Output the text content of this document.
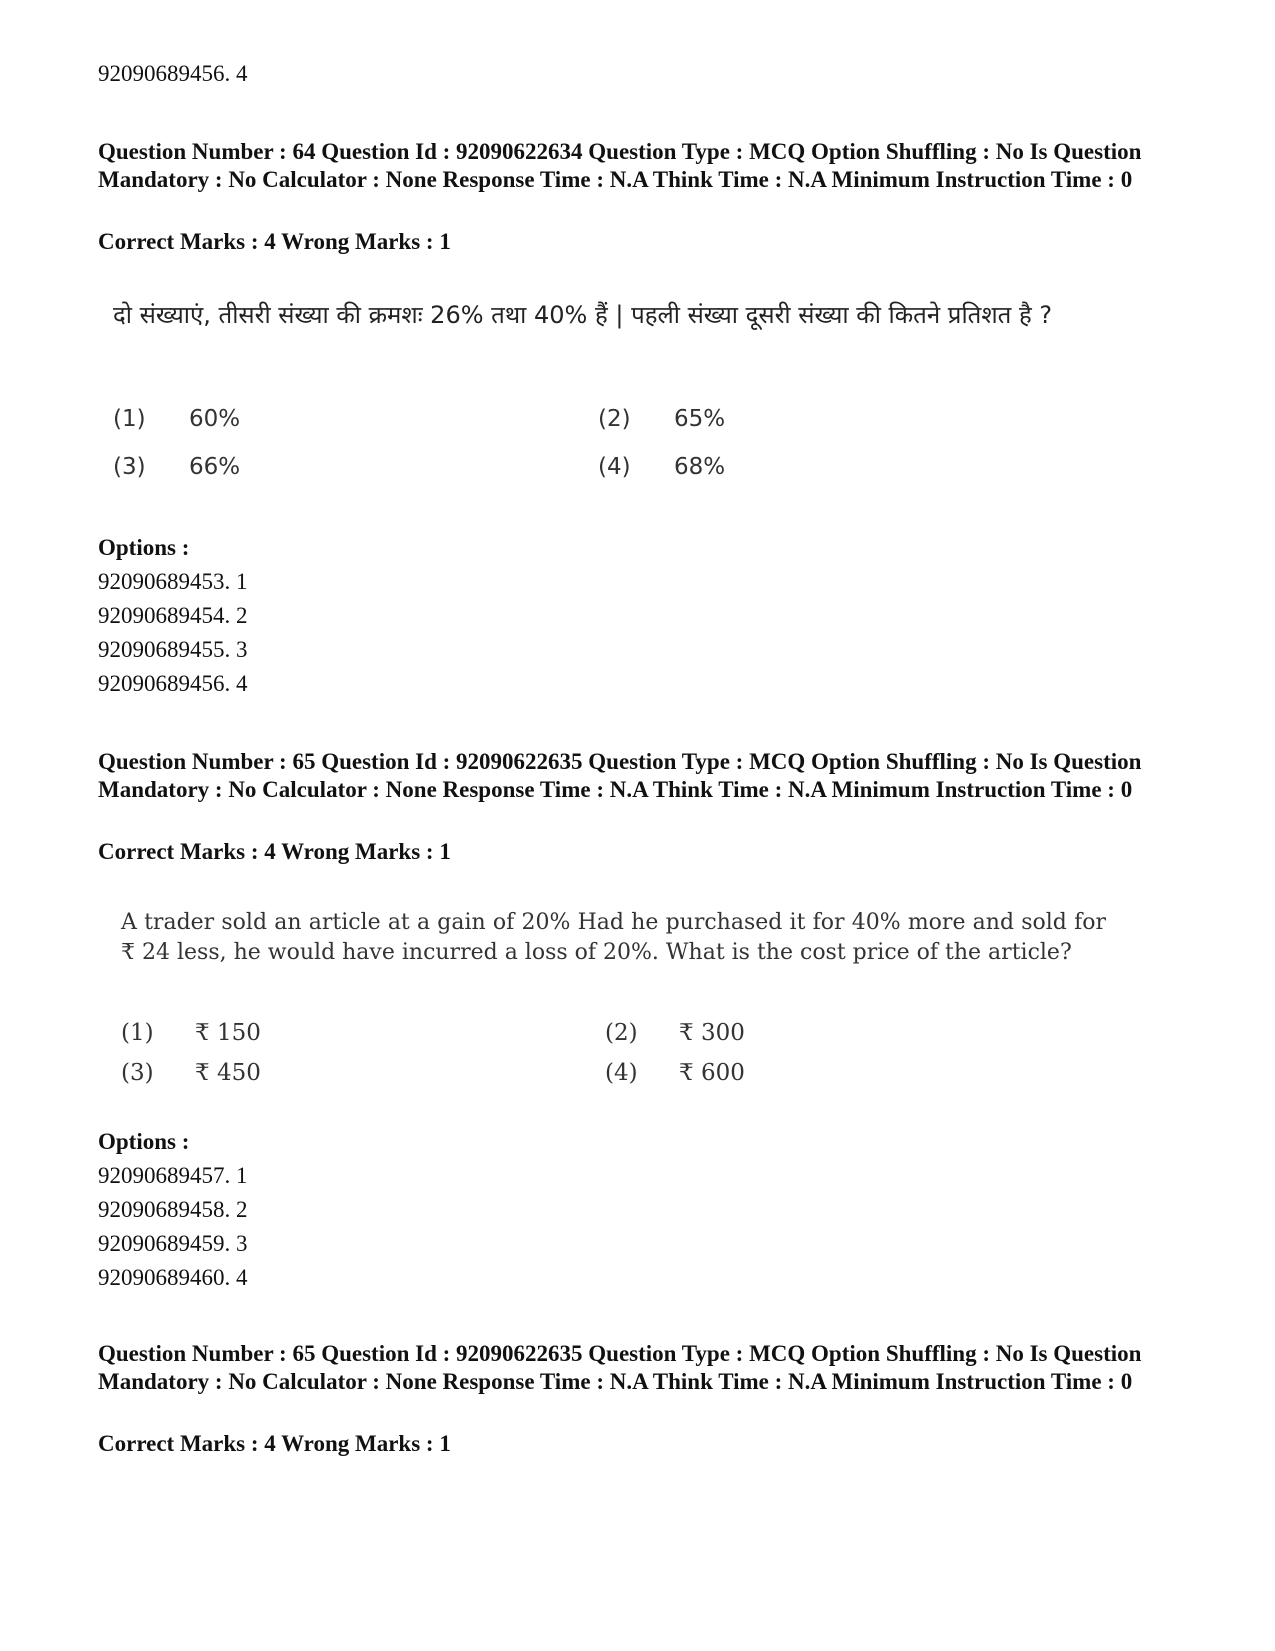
92090689456. 4
Question Number : 64 Question Id : 92090622634 Question Type : MCQ Option Shuffling : No Is Question Mandatory : No Calculator : None Response Time : N.A Think Time : N.A Minimum Instruction Time : 0
Correct Marks : 4 Wrong Marks : 1
दो संख्याएं, तीसरी संख्या की क्रमशः 26% तथा 40% हैं | पहली संख्या दूसरी संख्या की कितने प्रतिशत है ?
(1) 60%	(2) 65%
(3) 66%	(4) 68%
Options :
92090689453. 1
92090689454. 2
92090689455. 3
92090689456. 4
Question Number : 65 Question Id : 92090622635 Question Type : MCQ Option Shuffling : No Is Question Mandatory : No Calculator : None Response Time : N.A Think Time : N.A Minimum Instruction Time : 0
Correct Marks : 4 Wrong Marks : 1
A trader sold an article at a gain of 20% Had he purchased it for 40% more and sold for ₹ 24 less, he would have incurred a loss of 20%. What is the cost price of the article?
(1) ₹ 150	(2) ₹ 300
(3) ₹ 450	(4) ₹ 600
Options :
92090689457. 1
92090689458. 2
92090689459. 3
92090689460. 4
Question Number : 65 Question Id : 92090622635 Question Type : MCQ Option Shuffling : No Is Question Mandatory : No Calculator : None Response Time : N.A Think Time : N.A Minimum Instruction Time : 0
Correct Marks : 4 Wrong Marks : 1
